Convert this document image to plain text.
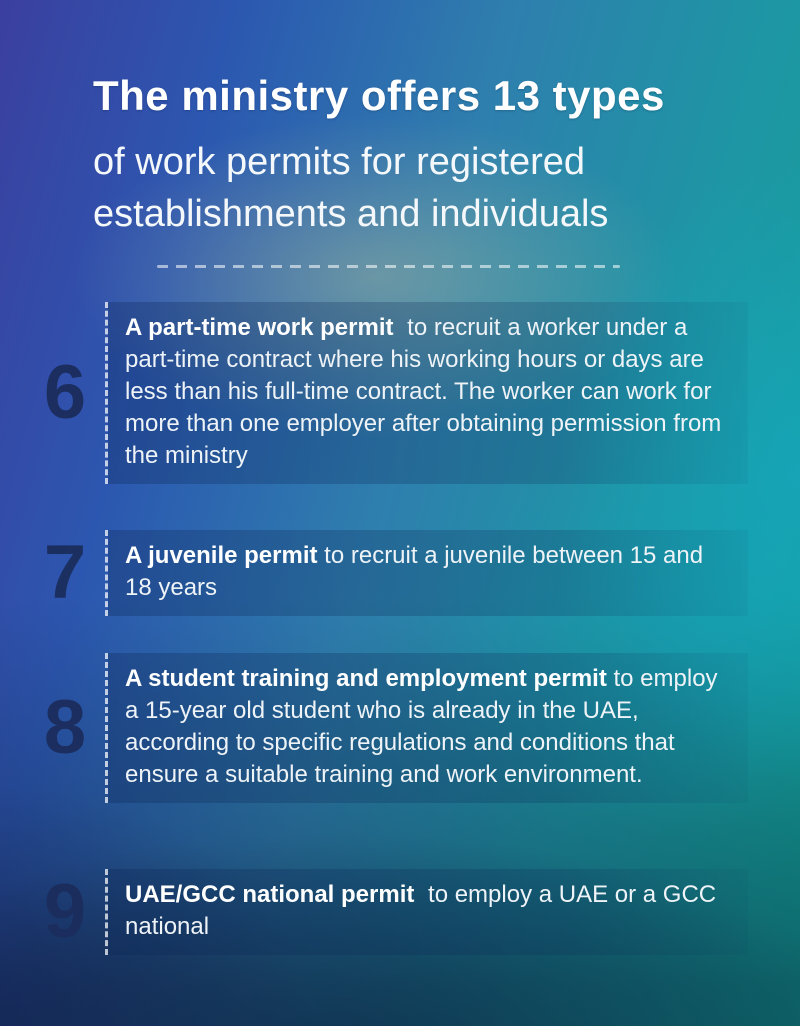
The ministry offers 13 types
of work permits for registered
establishments and individuals
6
A part-time work permit to recruit a worker under a part-time contract where his working hours or days are less than his full-time contract. The worker can work for more than one employer after obtaining permission from the ministry
7	A juvenile permit to recruit a juvenile between 15 and 18 years
8
A student training and employment permit to employ a 15-year old student who is already in the UAE, according to specific regulations and conditions that ensure a suitable training and work environment.
9	UAE/GCC national permit to employ a UAE or a GCC national
